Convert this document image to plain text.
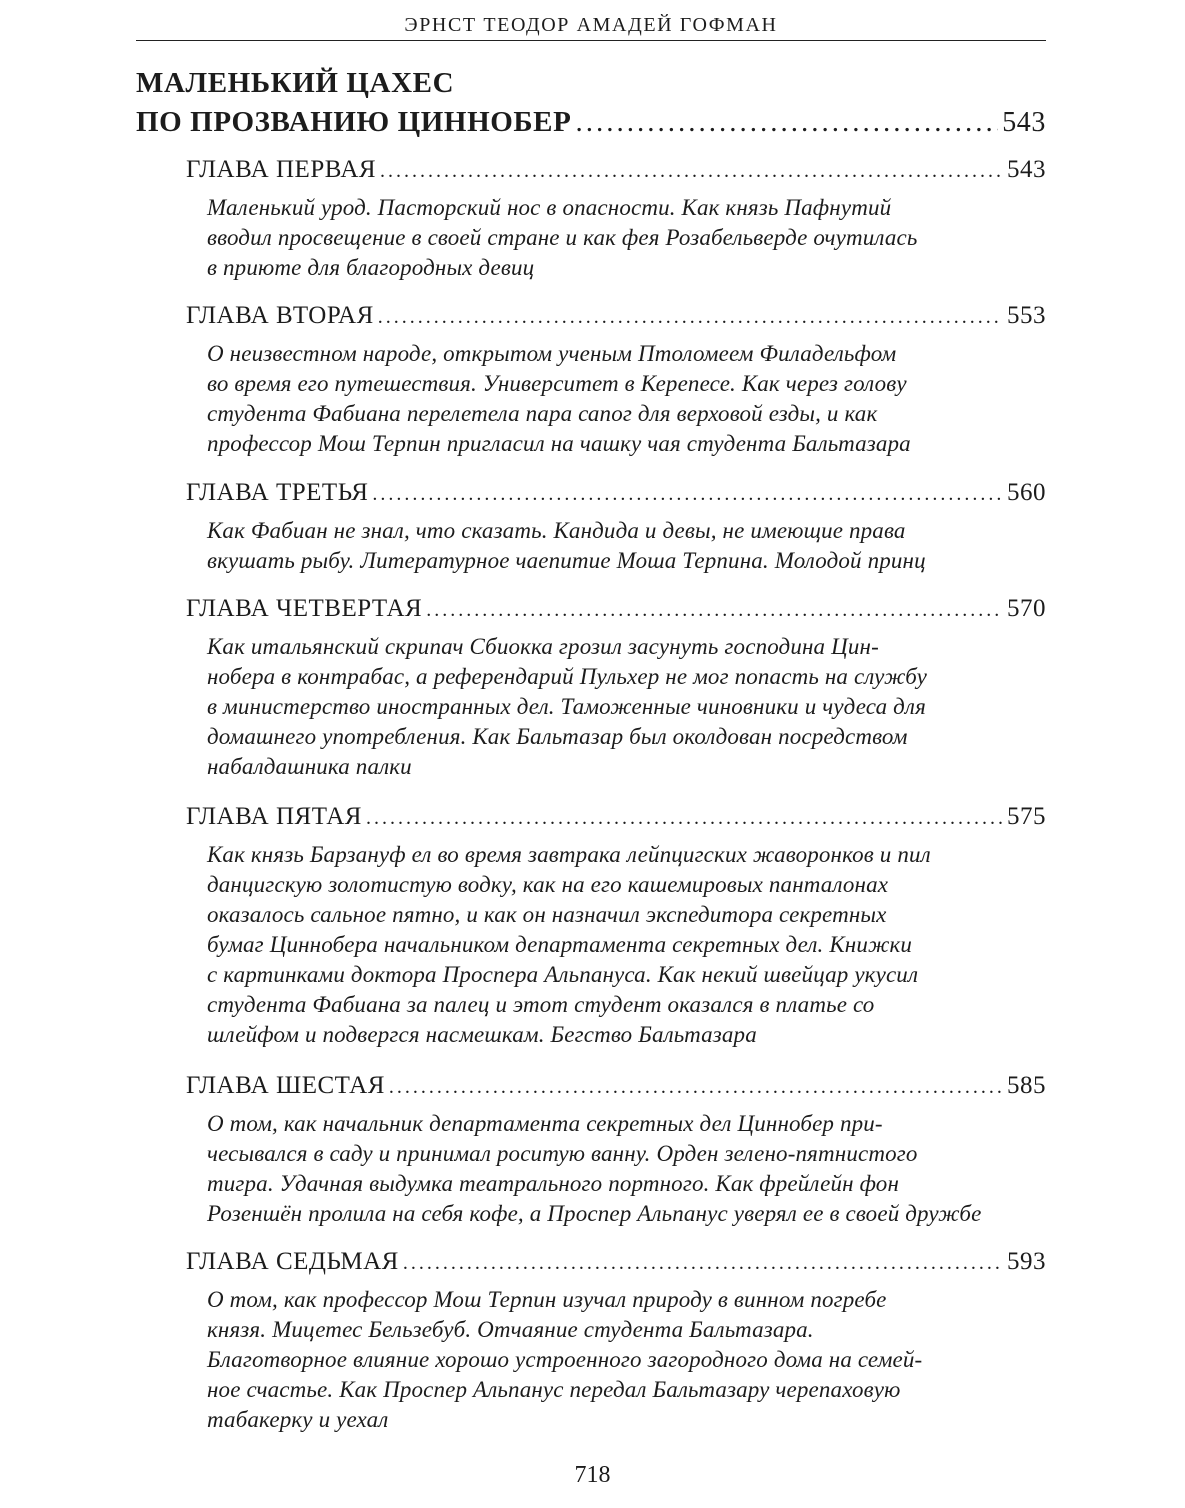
ЭРНСТ ТЕОДОР АМАДЕЙ ГОФМАН
МАЛЕНЬКИЙ ЦАХЕС
ПО ПРОЗВАНИЮ ЦИННОБЕР .....	543
ГЛАВА ПЕРВАЯ .....	543
Маленький урод. Пасторский нос в опасности. Как князь Пафнутий
вводил просвещение в своей стране и как фея Розабельверде очутилась
в приюте для благородных девиц
ГЛАВА ВТОРАЯ .....	553
О неизвестном народе, открытом ученым Птоломеем Филадельфом
во время его путешествия. Университет в Керепесе. Как через голову
студента Фабиана перелетела пара сапог для верховой езды, и как
профессор Мош Терпин пригласил на чашку чая студента Бальтазара
ГЛАВА ТРЕТЬЯ .....	560
Как Фабиан не знал, что сказать. Кандида и девы, не имеющие права
вкушать рыбу. Литературное чаепитие Моша Терпина. Молодой принц
ГЛАВА ЧЕТВЕРТАЯ .....	570
Как итальянский скрипач Сбиокка грозил засунуть господина Цин-
нобера в контрабас, а референдарий Пульхер не мог попасть на службу
в министерство иностранных дел. Таможенные чиновники и чудеса для
домашнего употребления. Как Бальтазар был околдован посредством
набалдашника палки
ГЛАВА ПЯТАЯ .....	575
Как князь Барзануф ел во время завтрака лейпцигских жаворонков и пил
данцигскую золотистую водку, как на его кашемировых панталонах
оказалось сальное пятно, и как он назначил экспедитора секретных
бумаг Циннобера начальником департамента секретных дел. Книжки
с картинками доктора Проспера Альпануса. Как некий швейцар укусил
студента Фабиана за палец и этот студент оказался в платье со
шлейфом и подвергся насмешкам. Бегство Бальтазара
ГЛАВА ШЕСТАЯ .....	585
О том, как начальник департамента секретных дел Циннобер при-
чесывался в саду и принимал роситую ванну. Орден зелено-пятнистого
тигра. Удачная выдумка театрального портного. Как фрейлейн фон
Розеншён пролила на себя кофе, а Проспер Альпанус уверял ее в своей дружбе
ГЛАВА СЕДЬМАЯ .....	593
О том, как профессор Мош Терпин изучал природу в винном погребе
князя. Мицетес Бельзебуб. Отчаяние студента Бальтазара.
Благотворное влияние хорошо устроенного загородного дома на семей-
ное счастье. Как Проспер Альпанус передал Бальтазару черепаховую
табакерку и уехал
718
